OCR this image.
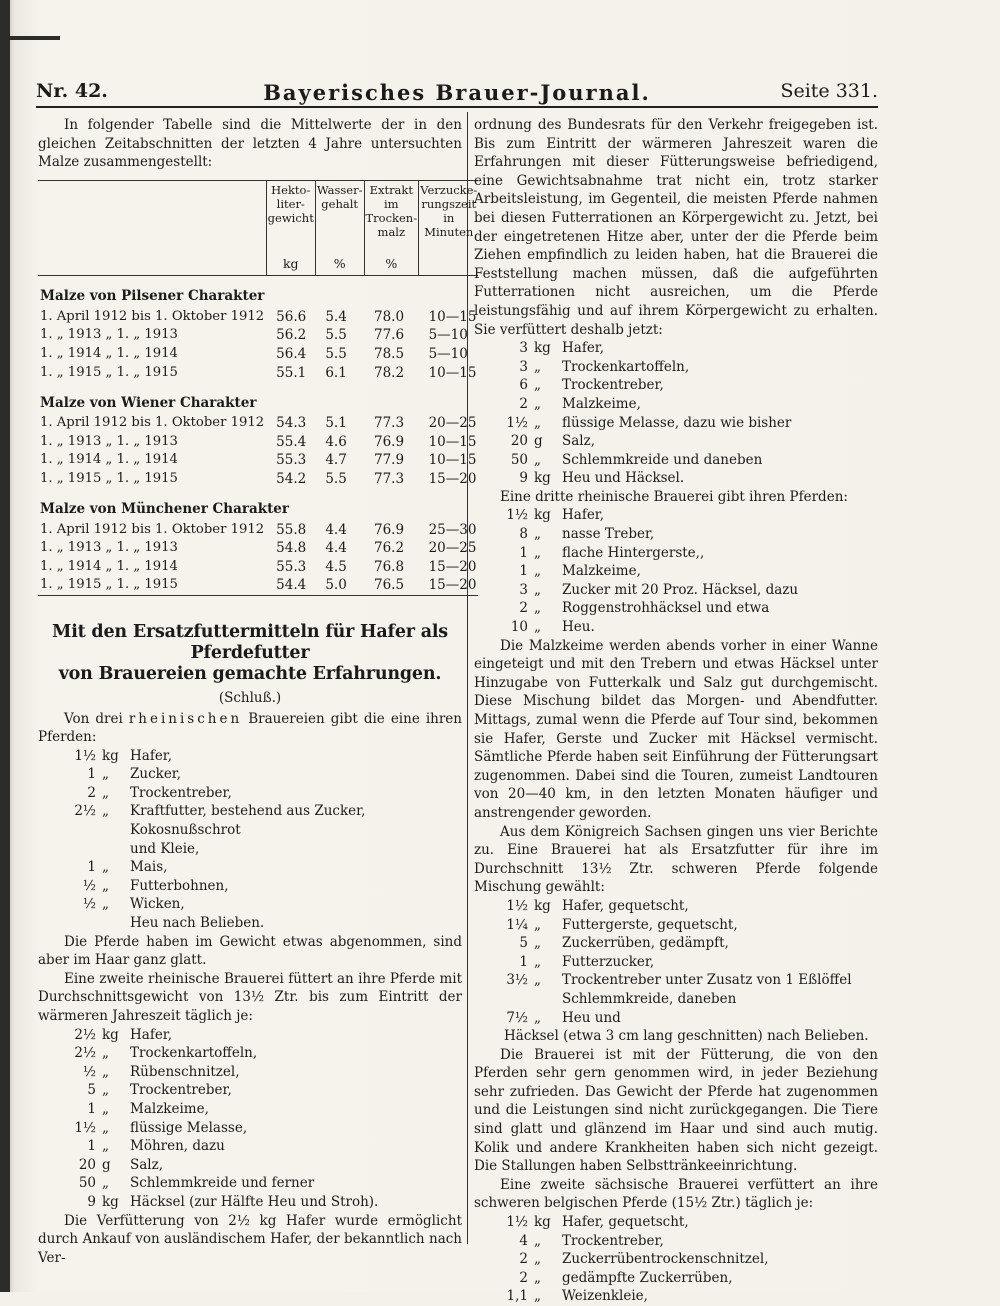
Nr. 42.	Bayerisches Brauer-Journal.	Seite 331.

In folgender Tabelle sind die Mittelwerte der in den gleichen Zeitabschnitten der letzten 4 Jahre untersuchten Malze zusammengestellt:

	Hekto-liter-gewicht	Wasser-gehalt	Extrakt im Trocken-malz	Verzucke-rungszeit in Minuten
	kg	%	%	
Malze von Pilsener Charakter				
1. April 1912 bis 1. Oktober 1912	56.6	5.4	78.0	10—15
1. „ 1913 „ 1. „ 1913	56.2	5.5	77.6	5—10
1. „ 1914 „ 1. „ 1914	56.4	5.5	78.5	5—10
1. „ 1915 „ 1. „ 1915	55.1	6.1	78.2	10—15
Malze von Wiener Charakter				
1. April 1912 bis 1. Oktober 1912	54.3	5.1	77.3	20—25
1. „ 1913 „ 1. „ 1913	55.4	4.6	76.9	10—15
1. „ 1914 „ 1. „ 1914	55.3	4.7	77.9	10—15
1. „ 1915 „ 1. „ 1915	54.2	5.5	77.3	15—20
Malze von Münchener Charakter				
1. April 1912 bis 1. Oktober 1912	55.8	4.4	76.9	25—30
1. „ 1913 „ 1. „ 1913	54.8	4.4	76.2	20—25
1. „ 1914 „ 1. „ 1914	55.3	4.5	76.8	15—20
1. „ 1915 „ 1. „ 1915	54.4	5.0	76.5	15—20
Mit den Ersatzfuttermitteln für Hafer als Pferdefutter
von Brauereien gemachte Erfahrungen.
(Schluß.)

Von drei rheinischen Brauereien gibt die eine ihren Pferden:

1½ kg Hafer,
1 „	Zucker,
2 „	Trockentreber,
2½ „	Kraftfutter, bestehend aus Zucker, Kokosnußschrot
und Kleie,
1 „	Mais,
½ „	Futterbohnen,
½ „	Wicken,
Heu nach Belieben.

Die Pferde haben im Gewicht etwas abgenommen, sind aber im Haar ganz glatt.

Eine zweite rheinische Brauerei füttert an ihre Pferde mit Durchschnittsgewicht von 13½ Ztr. bis zum Eintritt der wärmeren Jahreszeit täglich je:

2½ kg Hafer,
2½ „	Trockenkartoffeln,
½ „	Rübenschnitzel,
5 „	Trockentreber,
1 „	Malzkeime,
1½ „	flüssige Melasse,
1 „	Möhren, dazu
20 g	Salz,
50 „	Schlemmkreide und ferner
9 kg Häcksel (zur Hälfte Heu und Stroh).

Die Verfütterung von 2½ kg Hafer wurde ermöglicht durch Ankauf von ausländischem Hafer, der bekanntlich nach Ver-

ordnung des Bundesrats für den Verkehr freigegeben ist. Bis zum Eintritt der wärmeren Jahreszeit waren die Erfahrungen mit dieser Fütterungsweise befriedigend, eine Gewichtsabnahme trat nicht ein, trotz starker Arbeitsleistung, im Gegenteil, die meisten Pferde nahmen bei diesen Futterrationen an Körpergewicht zu. Jetzt, bei der eingetretenen Hitze aber, unter der die Pferde beim Ziehen empfindlich zu leiden haben, hat die Brauerei die Feststellung machen müssen, daß die aufgeführten Futterrationen nicht ausreichen, um die Pferde leistungsfähig und auf ihrem Körpergewicht zu erhalten. Sie verfüttert deshalb jetzt:

3 kg Hafer,
3 „	Trockenkartoffeln,
6 „	Trockentreber,
2 „	Malzkeime,
1½ „	flüssige Melasse, dazu wie bisher
20 g	Salz,
50 „	Schlemmkreide und daneben
9 kg Heu und Häcksel.

Eine dritte rheinische Brauerei gibt ihren Pferden:

1½ kg Hafer,
8 „	nasse Treber,
1 „	flache Hintergerste,,
1 „	Malzkeime,
3 „	Zucker mit 20 Proz. Häcksel, dazu
2 „	Roggenstrohhäcksel und etwa
10 „	Heu.

Die Malzkeime werden abends vorher in einer Wanne eingeteigt und mit den Trebern und etwas Häcksel unter Hinzugabe von Futterkalk und Salz gut durchgemischt. Diese Mischung bildet das Morgen- und Abendfutter. Mittags, zumal wenn die Pferde auf Tour sind, bekommen sie Hafer, Gerste und Zucker mit Häcksel vermischt. Sämtliche Pferde haben seit Einführung der Fütterungsart zugenommen. Dabei sind die Touren, zumeist Landtouren von 20—40 km, in den letzten Monaten häufiger und anstrengender geworden.

Aus dem Königreich Sachsen gingen uns vier Berichte zu. Eine Brauerei hat als Ersatzfutter für ihre im Durchschnitt 13½ Ztr. schweren Pferde folgende Mischung gewählt:

1½ kg Hafer, gequetscht,
1¼ „	Futtergerste, gequetscht,
5 „	Zuckerrüben, gedämpft,
1 „	Futterzucker,
3½ „	Trockentreber unter Zusatz von 1 Eßlöffel Schlemmkreide, daneben
7½ „	Heu und

Häcksel (etwa 3 cm lang geschnitten) nach Belieben.

Die Brauerei ist mit der Fütterung, die von den Pferden sehr gern genommen wird, in jeder Beziehung sehr zufrieden. Das Gewicht der Pferde hat zugenommen und die Leistungen sind nicht zurückgegangen. Die Tiere sind glatt und glänzend im Haar und sind auch mutig. Kolik und andere Krankheiten haben sich nicht gezeigt. Die Stallungen haben Selbsttränkeeinrichtung.

Eine zweite sächsische Brauerei verfüttert an ihre schweren belgischen Pferde (15½ Ztr.) täglich je:

1½ kg Hafer, gequetscht,
4 „	Trockentreber,
2 „	Zuckerrübentrockenschnitzel,
2 „	gedämpfte Zuckerrüben,
1,1 „	Weizenkleie,
